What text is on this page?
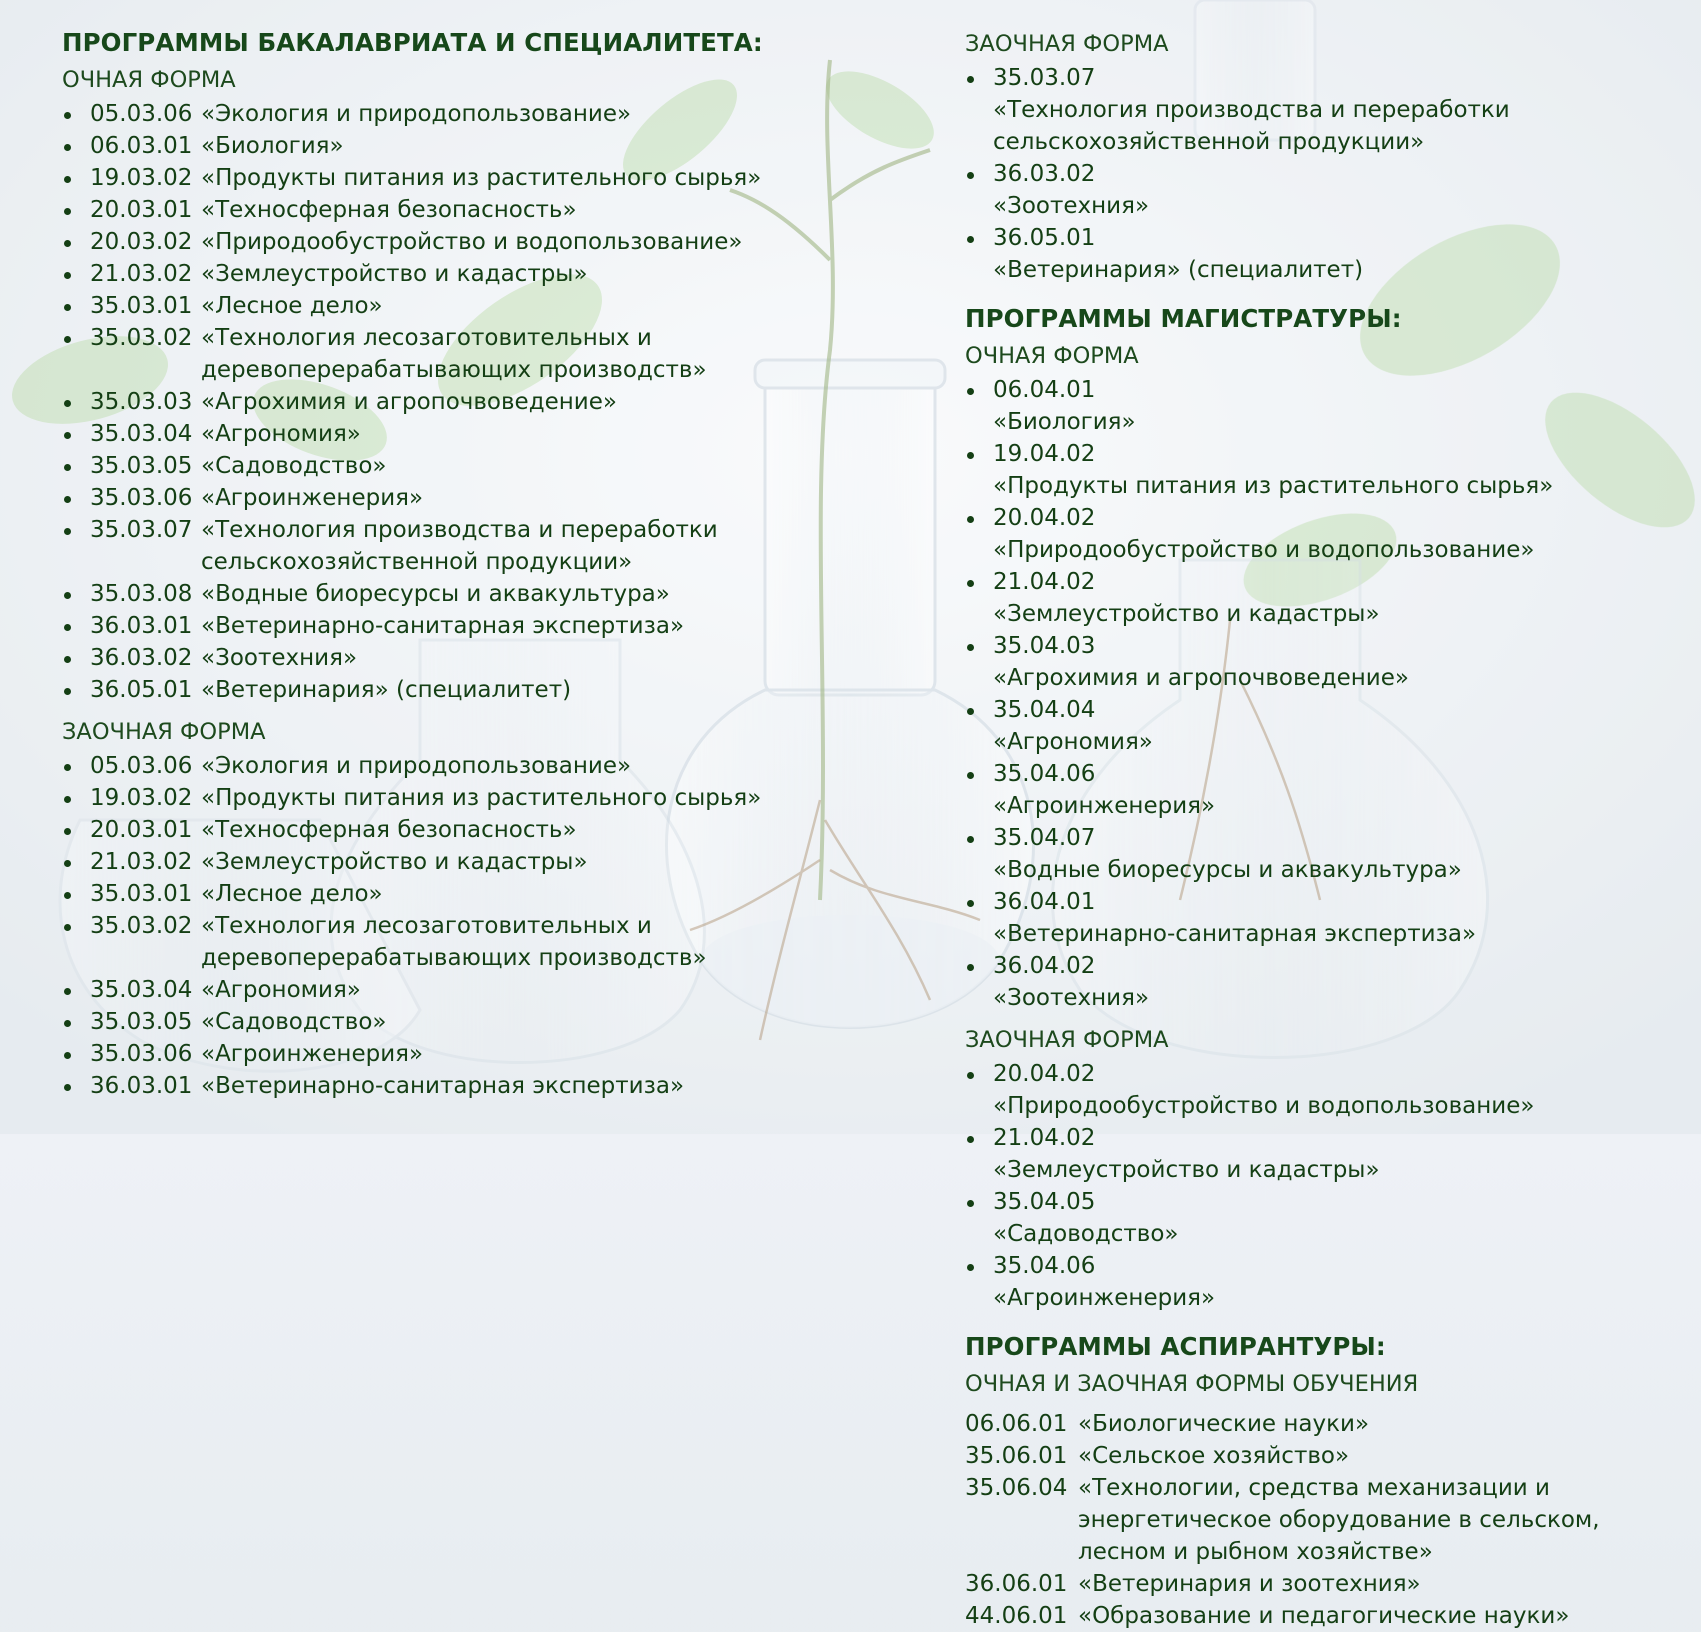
ПРОГРАММЫ БАКАЛАВРИАТА И СПЕЦИАЛИТЕТА:
ОЧНАЯ ФОРМА
05.03.06 «Экология и природопользование»
06.03.01 «Биология»
19.03.02 «Продукты питания из растительного сырья»
20.03.01 «Техносферная безопасность»
20.03.02 «Природообустройство и водопользование»
21.03.02 «Землеустройство и кадастры»
35.03.01 «Лесное дело»
35.03.02 «Технология лесозаготовительных и деревоперерабатывающих производств»
35.03.03 «Агрохимия и агропочвоведение»
35.03.04 «Агрономия»
35.03.05 «Садоводство»
35.03.06 «Агроинженерия»
35.03.07 «Технология производства и переработки сельскохозяйственной продукции»
35.03.08 «Водные биоресурсы и аквакультура»
36.03.01 «Ветеринарно-санитарная экспертиза»
36.03.02 «Зоотехния»
36.05.01 «Ветеринария» (специалитет)
ЗАОЧНАЯ ФОРМА
05.03.06 «Экология и природопользование»
19.03.02 «Продукты питания из растительного сырья»
20.03.01 «Техносферная безопасность»
21.03.02 «Землеустройство и кадастры»
35.03.01 «Лесное дело»
35.03.02 «Технология лесозаготовительных и деревоперерабатывающих производств»
35.03.04 «Агрономия»
35.03.05 «Садоводство»
35.03.06 «Агроинженерия»
36.03.01 «Ветеринарно-санитарная экспертиза»
ЗАОЧНАЯ ФОРМА
35.03.07«Технология производства и переработки сельскохозяйственной продукции»
36.03.02«Зоотехния»
36.05.01«Ветеринария» (специалитет)
ПРОГРАММЫ МАГИСТРАТУРЫ:
ОЧНАЯ ФОРМА
06.04.01«Биология»
19.04.02«Продукты питания из растительного сырья»
20.04.02«Природообустройство и водопользование»
21.04.02«Землеустройство и кадастры»
35.04.03«Агрохимия и агропочвоведение»
35.04.04«Агрономия»
35.04.06«Агроинженерия»
35.04.07«Водные биоресурсы и аквакультура»
36.04.01«Ветеринарно-санитарная экспертиза»
36.04.02«Зоотехния»
ЗАОЧНАЯ ФОРМА
20.04.02«Природообустройство и водопользование»
21.04.02«Землеустройство и кадастры»
35.04.05«Садоводство»
35.04.06«Агроинженерия»
ПРОГРАММЫ АСПИРАНТУРЫ:
ОЧНАЯ И ЗАОЧНАЯ ФОРМЫ ОБУЧЕНИЯ
06.06.01 «Биологические науки»
35.06.01 «Сельское хозяйство»
35.06.04 «Технологии, средства механизации и энергетическое оборудование в сельском, лесном и рыбном хозяйстве»
36.06.01 «Ветеринария и зоотехния»
44.06.01 «Образование и педагогические науки»
